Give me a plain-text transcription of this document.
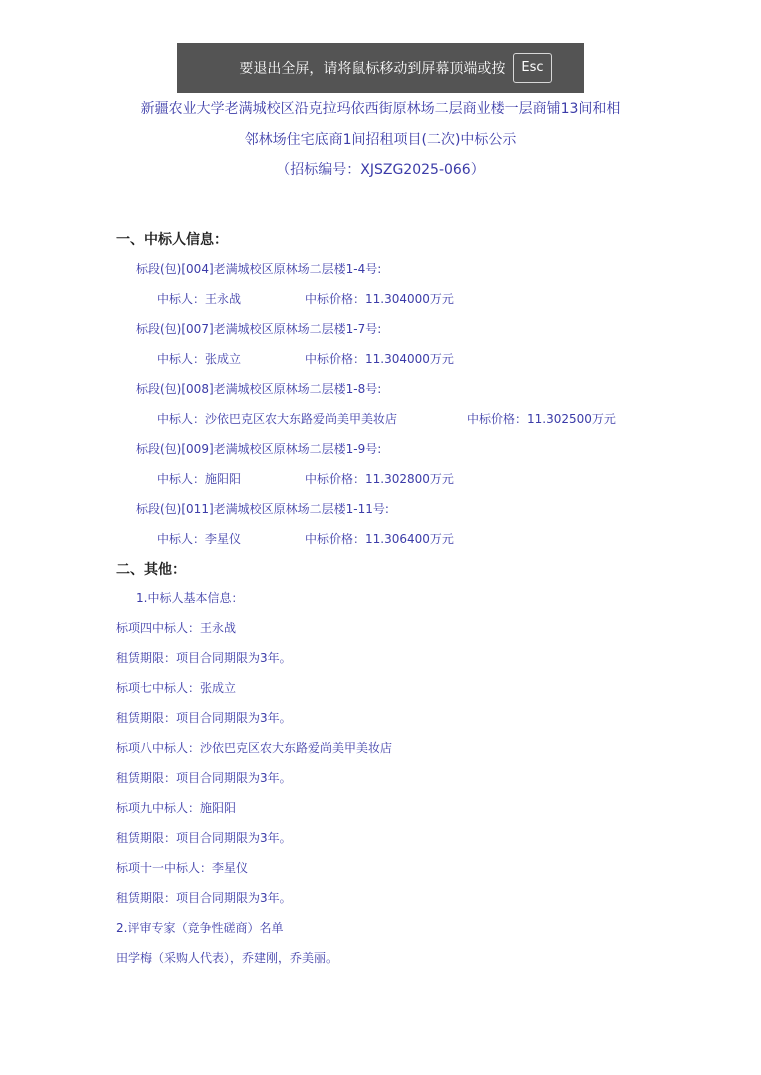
要退出全屏，请将鼠标移动到屏幕顶端或按	Esc
新疆农业大学老满城校区沿克拉玛依西街原林场二层商业楼一层商铺13间和相
邻林场住宅底商1间招租项目(二次)中标公示
（招标编号：XJSZG2025-066）
一、中标人信息：
标段(包)[004]老满城校区原林场二层楼1-4号:
中标人：王永战	中标价格：11.304000万元
标段(包)[007]老满城校区原林场二层楼1-7号:
中标人：张成立	中标价格：11.304000万元
标段(包)[008]老满城校区原林场二层楼1-8号:
中标人：沙依巴克区农大东路爱尚美甲美妆店	中标价格：11.302500万元
标段(包)[009]老满城校区原林场二层楼1-9号:
中标人：施阳阳	中标价格：11.302800万元
标段(包)[011]老满城校区原林场二层楼1-11号:
中标人：李星仪	中标价格：11.306400万元
二、其他：
1.中标人基本信息：
标项四中标人：王永战
租赁期限：项目合同期限为3年。
标项七中标人：张成立
租赁期限：项目合同期限为3年。
标项八中标人：沙依巴克区农大东路爱尚美甲美妆店
租赁期限：项目合同期限为3年。
标项九中标人：施阳阳
租赁期限：项目合同期限为3年。
标项十一中标人：李星仪
租赁期限：项目合同期限为3年。
2.评审专家（竞争性磋商）名单
田学梅（采购人代表），乔建刚，乔美丽。
